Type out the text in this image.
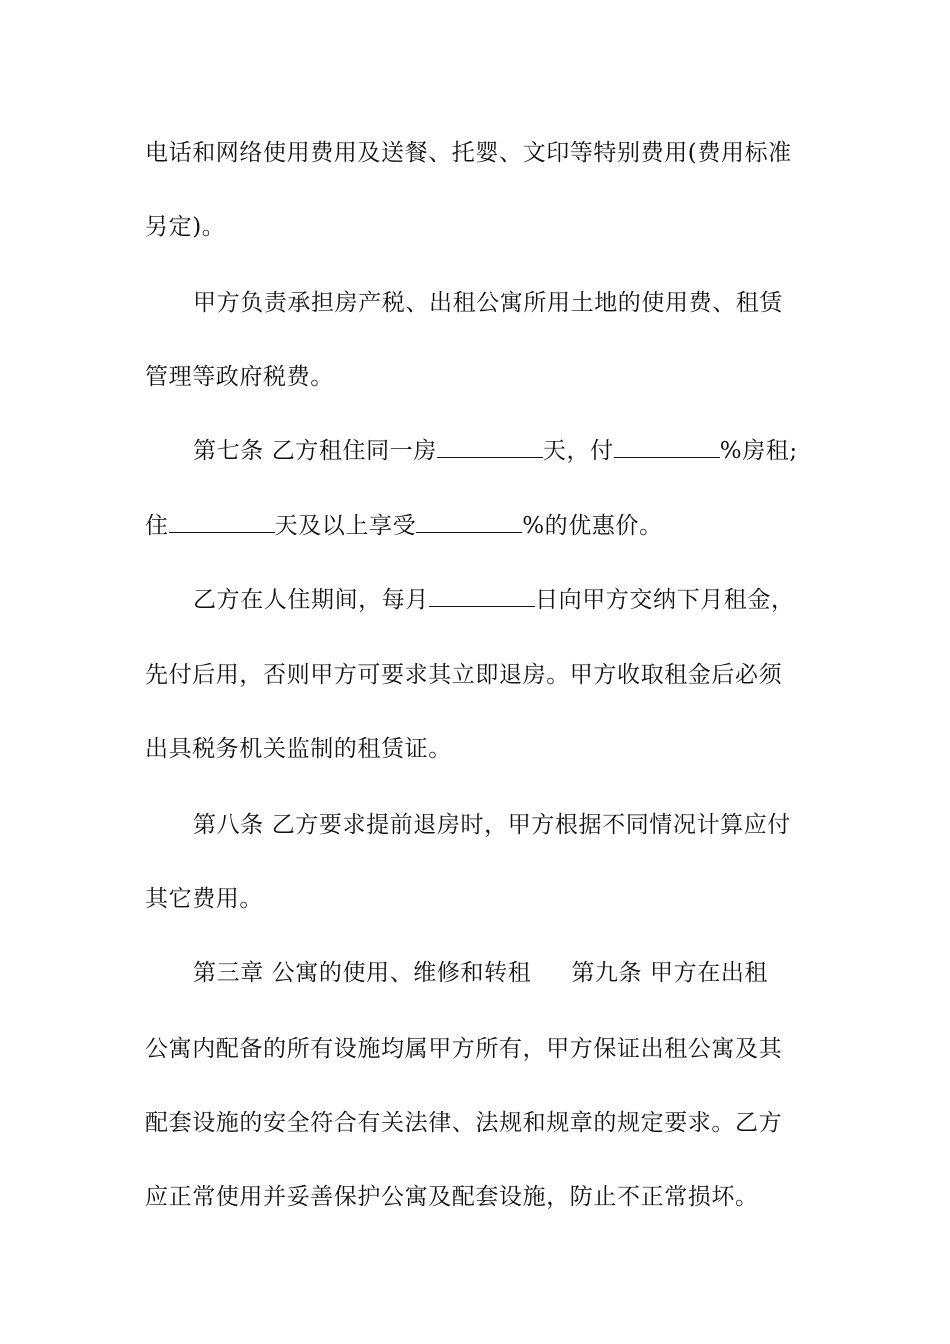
电话和网络使用费用及送餐、托婴、文印等特别费用(费用标准
另定)。
甲方负责承担房产税、出租公寓所用土地的使用费、租赁
管理等政府税费。
第七条 乙方租住同一房	天，付	%房租;
住	天及以上享受	%的优惠价。
乙方在人住期间，每月	日向甲方交纳下月租金，
先付后用，否则甲方可要求其立即退房。甲方收取租金后必须
出具税务机关监制的租赁证。
第八条 乙方要求提前退房时，甲方根据不同情况计算应付
其它费用。
第三章 公寓的使用、维修和转租 第九条 甲方在出租
公寓内配备的所有设施均属甲方所有，甲方保证出租公寓及其
配套设施的安全符合有关法律、法规和规章的规定要求。乙方
应正常使用并妥善保护公寓及配套设施，防止不正常损坏。
